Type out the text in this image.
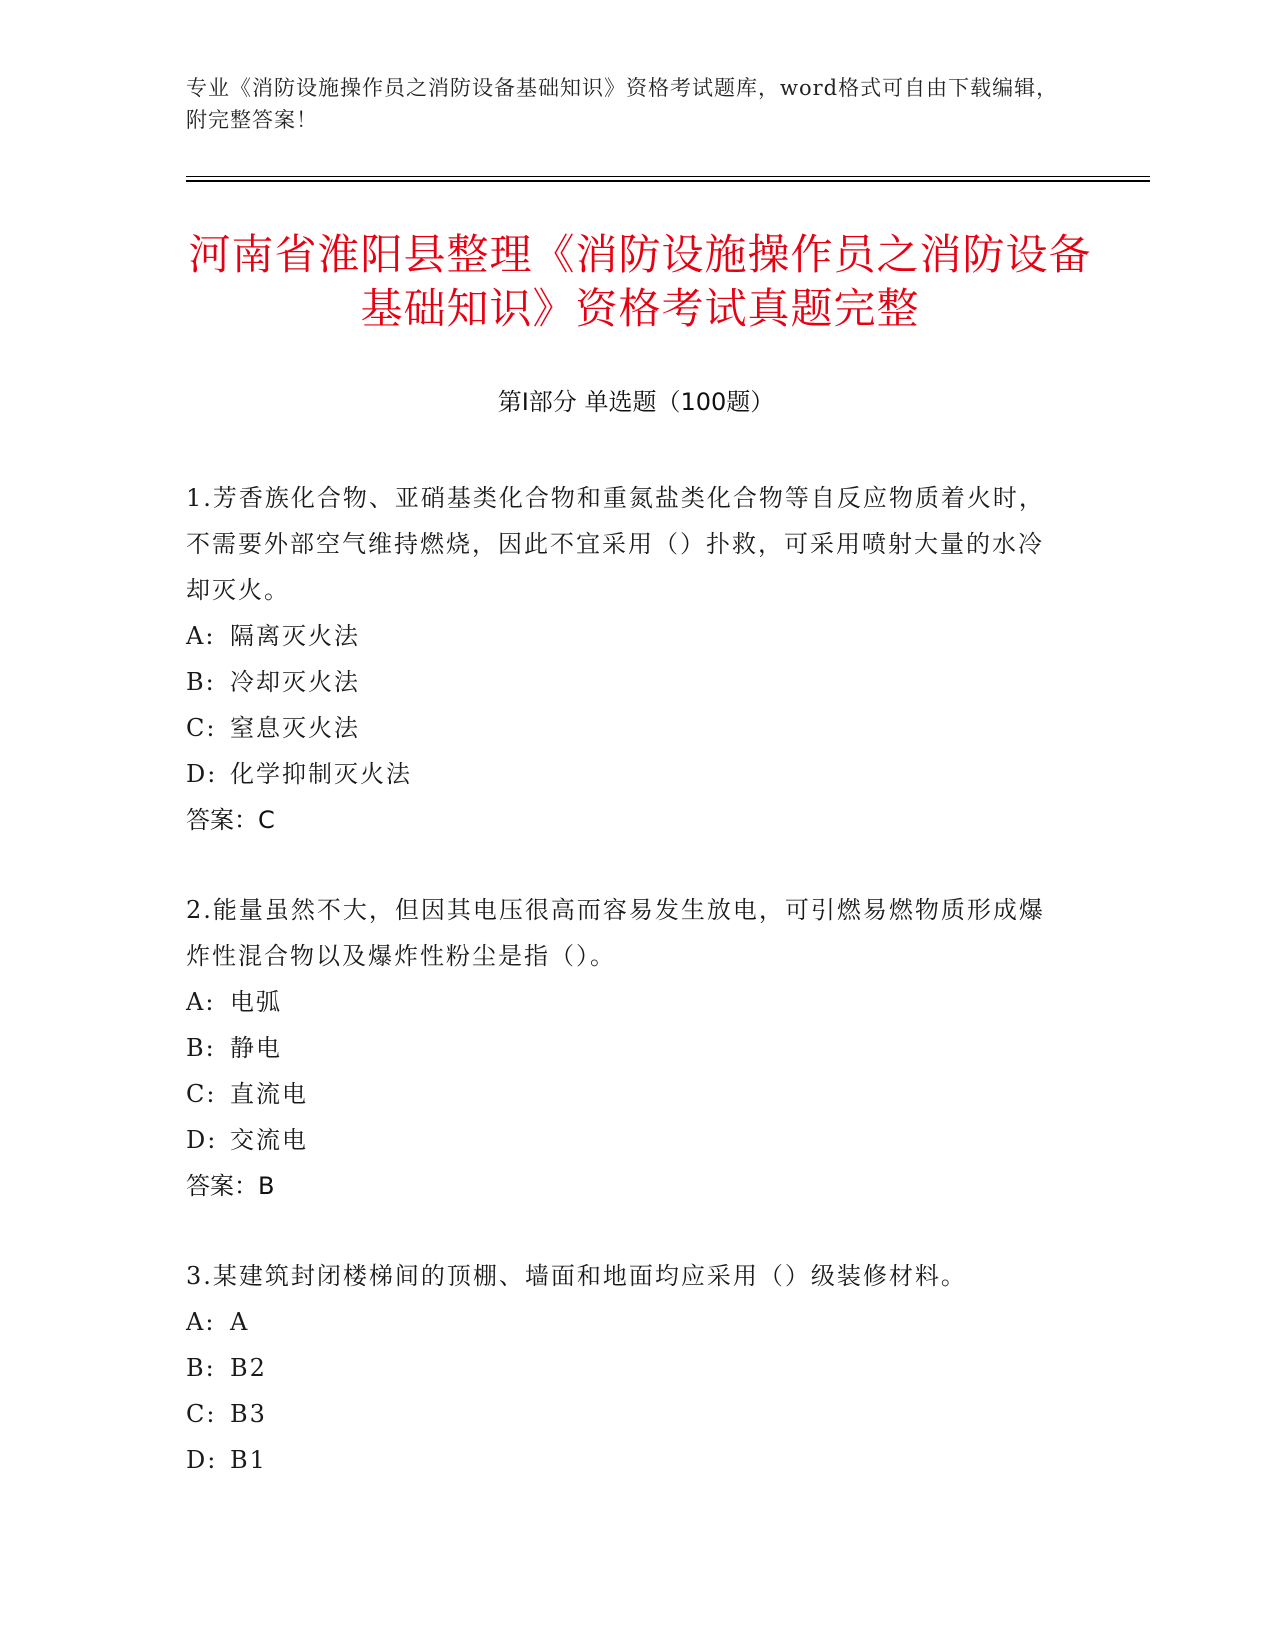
专业《消防设施操作员之消防设备基础知识》资格考试题库，word格式可自由下载编辑，附完整答案！
河南省淮阳县整理《消防设施操作员之消防设备基础知识》资格考试真题完整
第Ⅰ部分 单选题（100题）
1.芳香族化合物、亚硝基类化合物和重氮盐类化合物等自反应物质着火时，不需要外部空气维持燃烧，因此不宜采用（）扑救，可采用喷射大量的水冷却灭火。
A: 隔离灭火法
B: 冷却灭火法
C: 窒息灭火法
D: 化学抑制灭火法
答案：C
2.能量虽然不大，但因其电压很高而容易发生放电，可引燃易燃物质形成爆炸性混合物以及爆炸性粉尘是指（）。
A: 电弧
B: 静电
C: 直流电
D: 交流电
答案：B
3.某建筑封闭楼梯间的顶棚、墙面和地面均应采用（）级装修材料。
A: A
B: B2
C: B3
D: B1
